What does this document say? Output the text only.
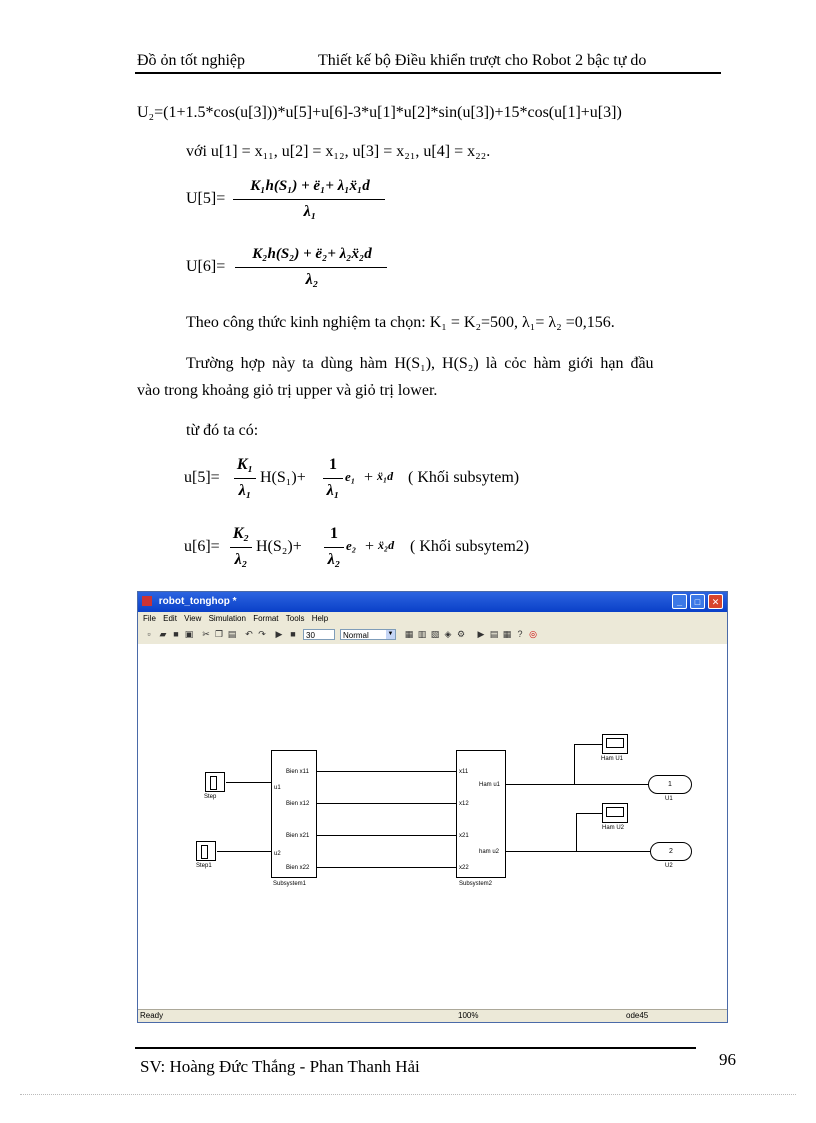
Đồ ỏn tốt nghiệp	Thiết kế bộ Điều khiển trượt cho Robot 2 bậc tự do
U₂=(1+1.5*cos(u[3]))*u[5]+u[6]-3*u[1]*u[2]*sin(u[3])+15*cos(u[1]+u[3])
với u[1] = x₁₁, u[2] = x₁₂, u[3] = x₂₁, u[4] = x₂₂.
U[5]=
K₁h(S₁) + ë₁+ λ₁ẍ₁d
λ₁
U[6]=
K₂h(S₂) + ë₂+ λ₂ẍ₂d
λ₂
Theo công thức kinh nghiệm ta chọn: K₁ = K₂=500, λ₁= λ₂ =0,156.
Trường hợp này ta dùng hàm H(S₁), H(S₂) là cỏc hàm giới hạn đầu
vào trong khoảng giỏ trị upper và giỏ trị lower.
từ đó ta có:
u[5]=
K₁
λ₁
H(S₁)+
1
λ₁
e₁ + ẍ₁d ( Khối subsytem)
u[6]=
K₂
λ₂
H(S₂)+
1
λ₂
e₂ + ẍ₂d ( Khối subsytem2)
robot_tonghop *	_	□	✕
File Edit View Simulation Format Tools Help
▫ ▰ ■ ▣ ✂ ❐ ▤ ↶ ↷ ▶ ■	30	Normal	▼ ▦ ▥ ▧ ◈ ⚙ ▶ ▤ ▦ ? ◎
Step
Step1
u1
u2
Bien x11
Bien x12
Bien x21
Bien x22
Subsystem1
x11
x12
x21
x22
Ham u1
ham u2
Subsystem2
Ham U1
1
U1
Ham U2
2
U2
Ready	100%	ode45
SV: Hoàng Đức Thắng - Phan Thanh Hải	96
